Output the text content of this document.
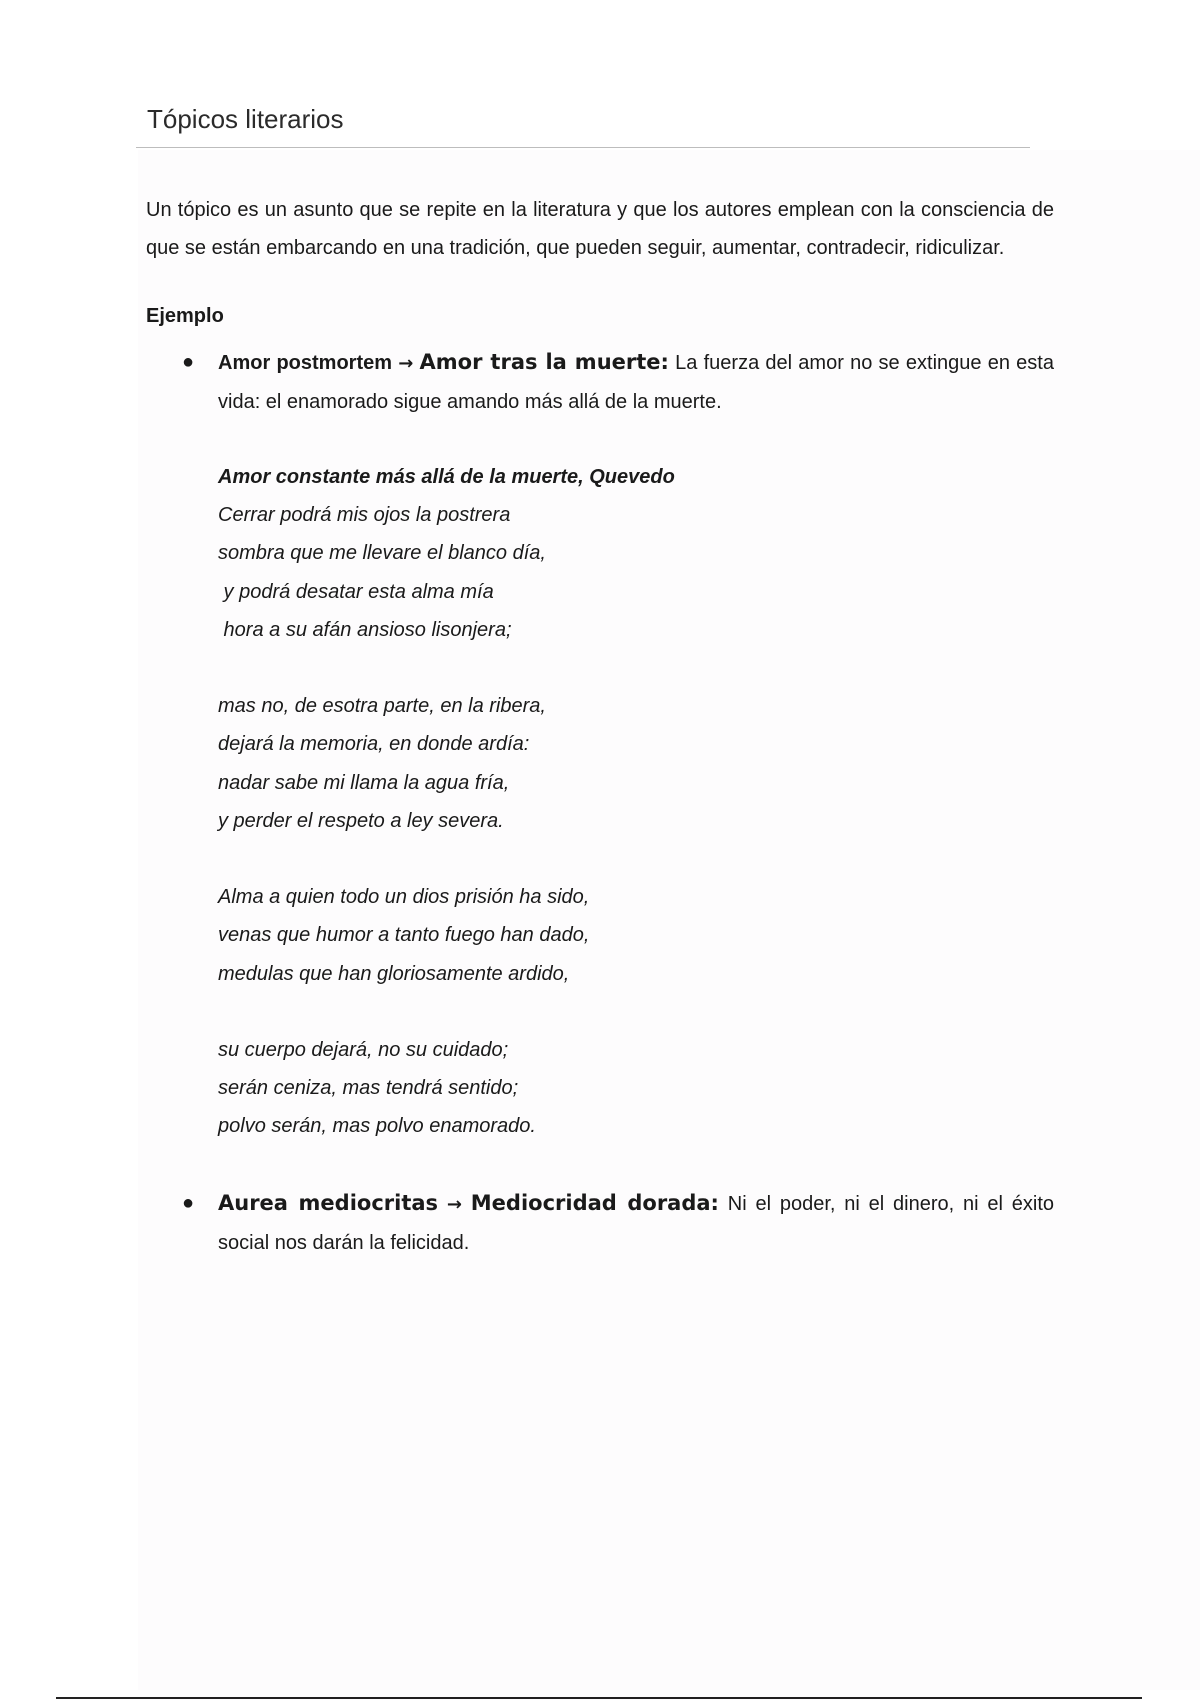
Tópicos literarios

Un tópico es un asunto que se repite en la literatura y que los autores emplean con la consciencia de que se están embarcando en una tradición, que pueden seguir, aumentar, contradecir, ridiculizar.

Ejemplo

● Amor postmortem → Amor tras la muerte: La fuerza del amor no se extingue en esta vida: el enamorado sigue amando más allá de la muerte.

Amor constante más allá de la muerte, Quevedo
Cerrar podrá mis ojos la postrera
sombra que me llevare el blanco día,
y podrá desatar esta alma mía
hora a su afán ansioso lisonjera;
mas no, de esotra parte, en la ribera,
dejará la memoria, en donde ardía:
nadar sabe mi llama la agua fría,
y perder el respeto a ley severa.
Alma a quien todo un dios prisión ha sido,
venas que humor a tanto fuego han dado,
medulas que han gloriosamente ardido,
su cuerpo dejará, no su cuidado;
serán ceniza, mas tendrá sentido;
polvo serán, mas polvo enamorado.
● Aurea mediocritas → Mediocridad dorada: Ni el poder, ni el dinero, ni el éxito social nos darán la felicidad.
